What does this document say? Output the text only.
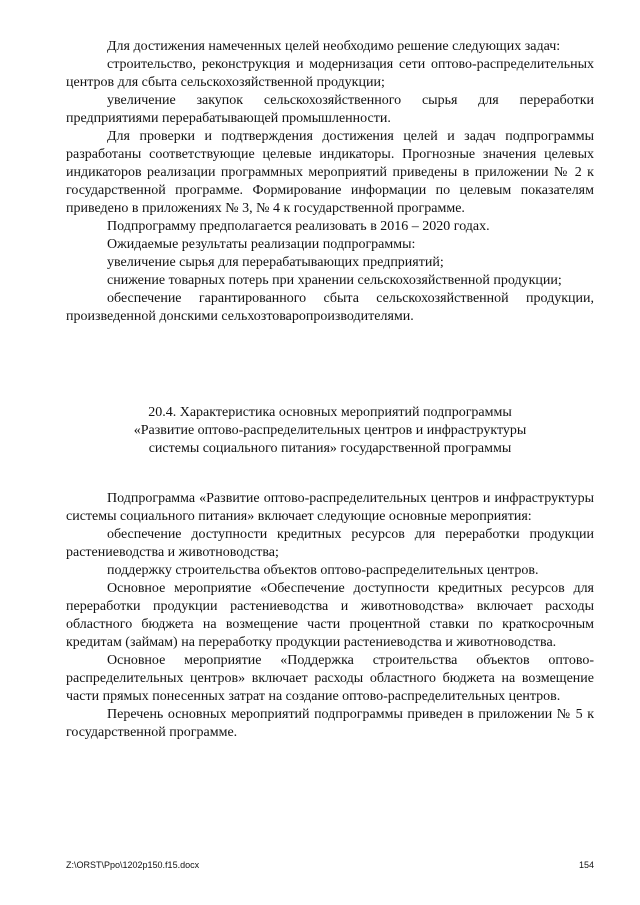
Для достижения намеченных целей необходимо решение следующих задач:

строительство, реконструкция и модернизация сети оптово-распределительных центров для сбыта сельскохозяйственной продукции;

увеличение закупок сельскохозяйственного сырья для переработки предприятиями перерабатывающей промышленности.

Для проверки и подтверждения достижения целей и задач подпрограммы разработаны соответствующие целевые индикаторы. Прогнозные значения целевых индикаторов реализации программных мероприятий приведены в приложении № 2 к государственной программе. Формирование информации по целевым показателям приведено в приложениях № 3, № 4 к государственной программе.

Подпрограмму предполагается реализовать в 2016 – 2020 годах.

Ожидаемые результаты реализации подпрограммы:

увеличение сырья для перерабатывающих предприятий;

снижение товарных потерь при хранении сельскохозяйственной продукции;

обеспечение гарантированного сбыта сельскохозяйственной продукции, произведенной донскими сельхозтоваропроизводителями.

20.4. Характеристика основных мероприятий подпрограммы
«Развитие оптово-распределительных центров и инфраструктуры
системы социального питания» государственной программы

Подпрограмма «Развитие оптово-распределительных центров и инфраструктуры системы социального питания» включает следующие основные мероприятия:

обеспечение доступности кредитных ресурсов для переработки продукции растениеводства и животноводства;

поддержку строительства объектов оптово-распределительных центров.

Основное мероприятие «Обеспечение доступности кредитных ресурсов для переработки продукции растениеводства и животноводства» включает расходы областного бюджета на возмещение части процентной ставки по краткосрочным кредитам (займам) на переработку продукции растениеводства и животноводства.

Основное мероприятие «Поддержка строительства объектов оптово-распределительных центров» включает расходы областного бюджета на возмещение части прямых понесенных затрат на создание оптово-распределительных центров.

Перечень основных мероприятий подпрограммы приведен в приложении № 5 к государственной программе.

Z:\ORST\Ppo\1202p150.f15.docx	154
